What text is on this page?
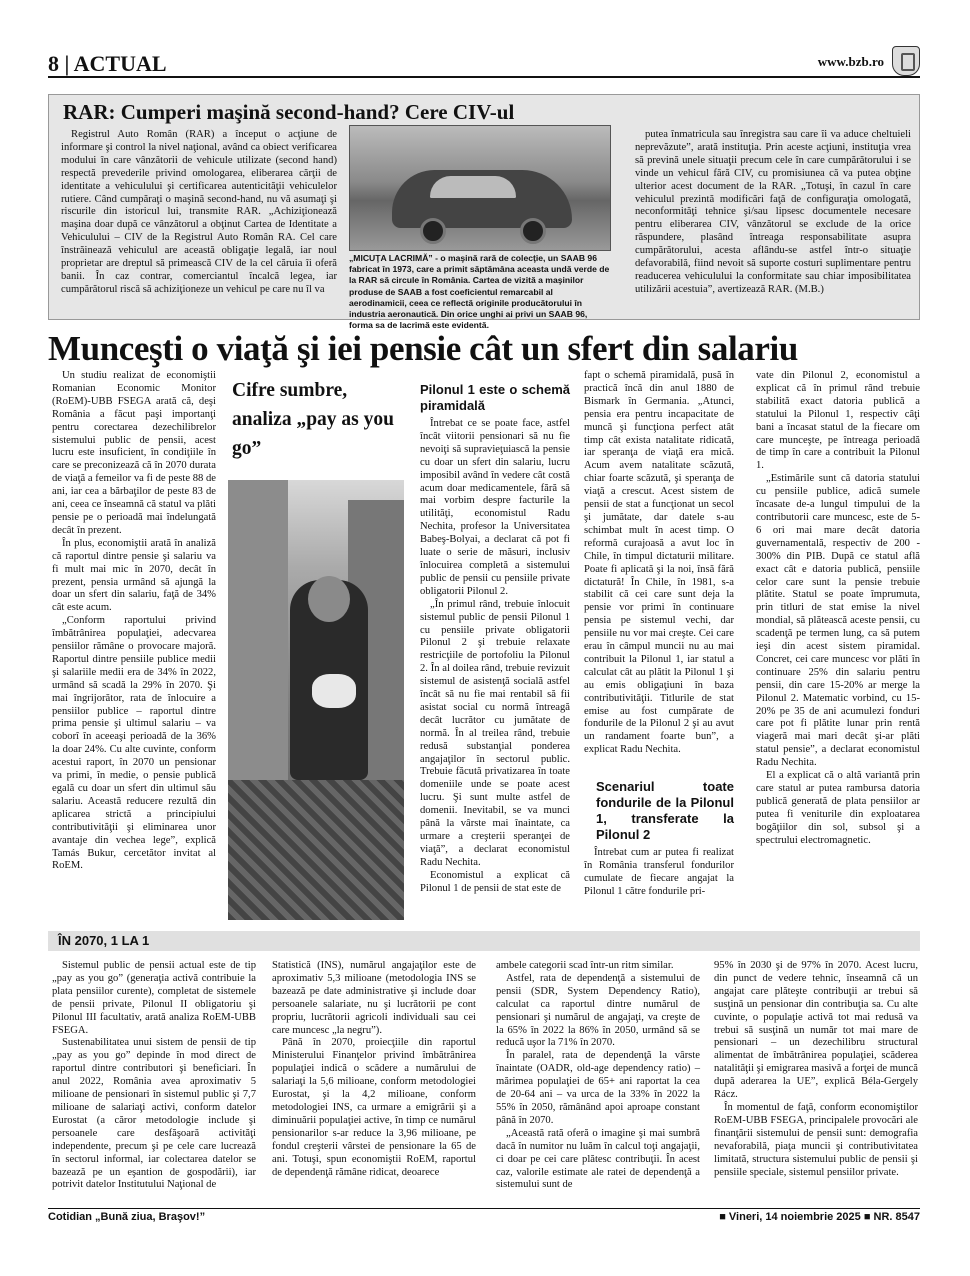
8 | ACTUAL	www.bzb.ro
RAR: Cumperi maşină second-hand? Cere CIV-ul

Registrul Auto Român (RAR) a început o acţiune de informare şi control la nivel naţional, având ca obiect verificarea modului în care vânzătorii de vehicule utilizate (second hand) respectă prevederile privind omologarea, eliberarea cărţii de identitate a vehiculului şi certificarea autenticităţii vehiculelor rutiere. Când cumpăraţi o maşină second-hand, nu vă asumaţi şi riscurile din istoricul lui, transmite RAR. „Achiziţionează maşina doar după ce vânzătorul a obţinut Cartea de Identitate a Vehiculului – CIV de la Registrul Auto Român RA. Cel care înstrăinează vehiculul are această obligaţie legală, iar noul proprietar are dreptul să primească CIV de la cel căruia îi oferă banii. În caz contrar, comerciantul încalcă legea, iar cumpărătorul riscă să achiziţioneze un vehicul pe care nu îl va

„MICUŢA LACRIMĂ” - o maşină rară de colecţie, un SAAB 96 fabricat în 1973, care a primit săptămâna aceasta undă verde de la RAR să circule în România. Cartea de vizită a maşinilor produse de SAAB a fost coeficientul remarcabil al aerodinamicii, ceea ce reflectă originile producătorului în industria aeronautică. Din orice unghi ai privi un SAAB 96, forma sa de lacrimă este evidentă.

putea înmatricula sau înregistra sau care îi va aduce cheltuieli neprevăzute”, arată instituţia. Prin aceste acţiuni, instituţia vrea să prevină unele situaţii precum cele în care cumpărătorului i se vinde un vehicul fără CIV, cu promisiunea că va putea obţine ulterior acest document de la RAR. „Totuşi, în cazul în care vehiculul prezintă modificări faţă de configuraţia omologată, neconformităţi tehnice şi/sau lipsesc documentele necesare pentru eliberarea CIV, vânzătorul se exclude de la orice răspundere, plasând întreaga responsabilitate asupra cumpărătorului, acesta aflându-se astfel într-o situaţie defavorabilă, fiind nevoit să suporte costuri suplimentare pentru readucerea vehiculului la conformitate sau chiar imposibilitatea utilizării acestuia”, avertizează RAR. (M.B.)

Munceşti o viaţă şi iei pensie cât un sfert din salariu

Un studiu realizat de economiştii Romanian Economic Monitor (RoEM)-UBB FSEGA arată că, deşi România a făcut paşi importanţi pentru corectarea dezechilibrelor sistemului public de pensii, acest lucru este insuficient, în condiţiile în care se preconizează că în 2070 durata de viaţă a femeilor va fi de peste 88 de ani, iar cea a bărbaţilor de peste 83 de ani, ceea ce înseamnă că statul va plăti pensie pe o perioadă mai îndelungată decât în prezent.

În plus, economiştii arată în analiză că raportul dintre pensie şi salariu va fi mult mai mic în 2070, decât în prezent, pensia urmând să ajungă la doar un sfert din salariu, faţă de 34% cât este acum.

„Conform raportului privind îmbătrânirea populaţiei, adecvarea pensiilor rămâne o provocare majoră. Raportul dintre pensiile publice medii şi salariile medii era de 34% în 2022, urmând să scadă la 29% în 2070. Şi mai îngrijorător, rata de înlocuire a pensiilor publice – raportul dintre prima pensie şi ultimul salariu – va coborî în aceeaşi perioadă de la 36% la doar 24%. Cu alte cuvinte, conform acestui raport, în 2070 un pensionar va primi, în medie, o pensie publică egală cu doar un sfert din ultimul său salariu. Această reducere rezultă din aplicarea strictă a principiului contributivităţii şi eliminarea unor avantaje din vechea lege”, explică Tamás Bukur, cercetător invitat al RoEM.

Cifre sumbre, analiza „pay as you go”
Pilonul 1 este o schemă piramidală

Întrebat ce se poate face, astfel încât viitorii pensionari să nu fie nevoiţi să supravieţuiască la pensie cu doar un sfert din salariu, lucru imposibil având în vedere cât costă acum doar medicamentele, fără să mai vorbim despre facturile la utilităţi, economistul Radu Nechita, profesor la Universitatea Babeş-Bolyai, a declarat că pot fi luate o serie de măsuri, inclusiv înlocuirea completă a sistemului public de pensii cu pensiile private obligatorii Pilonul 2.

„În primul rând, trebuie înlocuit sistemul public de pensii Pilonul 1 cu pensiile private obligatorii Pilonul 2 şi trebuie relaxate restricţiile de portofoliu la Pilonul 2. În al doilea rând, trebuie revizuit sistemul de asistenţă socială astfel încât să nu fie mai rentabil să fii asistat social cu normă întreagă decât lucrător cu jumătate de normă. În al treilea rând, trebuie redusă substanţial ponderea angajaţilor în sectorul public. Trebuie făcută privatizarea în toate domeniile unde se poate acest lucru. Şi sunt multe astfel de domenii. Inevitabil, se va munci până la vârste mai înaintate, ca urmare a creşterii speranţei de viaţă”, a declarat economistul Radu Nechita.

Economistul a explicat că Pilonul 1 de pensii de stat este de

fapt o schemă piramidală, pusă în practică încă din anul 1880 de Bismark în Germania. „Atunci, pensia era pentru incapacitate de muncă şi funcţiona perfect atât timp cât exista natalitate ridicată, iar speranţa de viaţă era mică. Acum avem natalitate scăzută, chiar foarte scăzută, şi speranţa de viaţă a crescut. Acest sistem de pensii de stat a funcţionat un secol şi jumătate, dar datele s-au schimbat mult în acest timp. O reformă curajoasă a avut loc în Chile, în timpul dictaturii militare. Poate fi aplicată şi la noi, însă fără dictatură! În Chile, în 1981, s-a stabilit că cei care sunt deja la pensie vor primi în continuare pensia pe sistemul vechi, dar pensiile nu vor mai creşte. Cei care erau în câmpul muncii nu au mai contribuit la Pilonul 1, iar statul a calculat cât au plătit la Pilonul 1 şi au emis obligaţiuni în baza contributivităţii. Titlurile de stat emise au fost cumpărate de fondurile de la Pilonul 2 şi au avut un randament foarte bun”, a explicat Radu Nechita.

Scenariul toate fondurile de la Pilonul 1, transferate la Pilonul 2

Întrebat cum ar putea fi realizat în România transferul fondurilor cumulate de fiecare angajat la Pilonul 1 către fondurile pri-

vate din Pilonul 2, economistul a explicat că în primul rând trebuie stabilită exact datoria publică a statului la Pilonul 1, respectiv câţi bani a încasat statul de la fiecare om care munceşte, pe întreaga perioadă de timp în care a contribuit la Pilonul 1.

„Estimările sunt că datoria statului cu pensiile publice, adică sumele încasate de-a lungul timpului de la contributorii care muncesc, este de 5-6 ori mai mare decât datoria guvernamentală, respectiv de 200 - 300% din PIB. După ce statul află exact cât e datoria publică, pensiile celor care sunt la pensie trebuie plătite. Statul se poate împrumuta, prin titluri de stat emise la nivel mondial, să plătească aceste pensii, cu scadenţă pe termen lung, ca să putem ieşi din acest sistem piramidal. Concret, cei care muncesc vor plăti în continuare 25% din salariu pentru pensii, din care 15-20% ar merge la Pilonul 2. Matematic vorbind, cu 15-20% pe 35 de ani acumulezi fonduri care pot fi plătite lunar prin rentă viageră mai mari decât şi-ar plăti statul pensie”, a declarat economistul Radu Nechita.

El a explicat că o altă variantă prin care statul ar putea rambursa datoria publică generată de plata pensiilor ar putea fi veniturile din exploatarea bogăţiilor din sol, subsol şi a spectrului electromagnetic.

ÎN 2070, 1 LA 1

Sistemul public de pensii actual este de tip „pay as you go” (generaţia activă contribuie la plata pensiilor curente), completat de sistemele de pensii private, Pilonul II obligatoriu şi Pilonul III facultativ, arată analiza RoEM-UBB FSEGA.

Sustenabilitatea unui sistem de pensii de tip „pay as you go” depinde în mod direct de raportul dintre contributori şi beneficiari. În anul 2022, România avea aproximativ 5 milioane de pensionari în sistemul public şi 7,7 milioane de salariaţi activi, conform datelor Eurostat (a căror metodologie include şi persoanele care desfăşoară activităţi independente, precum şi pe cele care lucrează în sectorul informal, iar colectarea datelor se bazează pe un eşantion de gospodării), iar potrivit datelor Institutului Naţional de

Statistică (INS), numărul angajaţilor este de aproximativ 5,3 milioane (metodologia INS se bazează pe date administrative şi include doar persoanele salariate, nu şi lucrătorii pe cont propriu, lucrătorii agricoli individuali sau cei care muncesc „la negru”).

Până în 2070, proiecţiile din raportul Ministerului Finanţelor privind îmbătrânirea populaţiei indică o scădere a numărului de salariaţi la 5,6 milioane, conform metodologiei Eurostat, şi la 4,2 milioane, conform metodologiei INS, ca urmare a emigrării şi a diminuării populaţiei active, în timp ce numărul pensionarilor s-ar reduce la 3,96 milioane, pe fondul creşterii vârstei de pensionare la 65 de ani. Totuşi, spun economiştii RoEM, raportul de dependenţă rămâne ridicat, deoarece

ambele categorii scad într-un ritm similar.

Astfel, rata de dependenţă a sistemului de pensii (SDR, System Dependency Ratio), calculat ca raportul dintre numărul de pensionari şi numărul de angajaţi, va creşte de la 65% în 2022 la 86% în 2050, urmând să se reducă uşor la 71% în 2070.

În paralel, rata de dependenţă la vârste înaintate (OADR, old-age dependency ratio) – mărimea populaţiei de 65+ ani raportat la cea de 20-64 ani – va urca de la 33% în 2022 la 55% în 2050, rămânând apoi aproape constant până în 2070.

„Această rată oferă o imagine şi mai sumbră dacă în numitor nu luăm în calcul toţi angajaţii, ci doar pe cei care plătesc contribuţii. În acest caz, valorile estimate ale ratei de dependenţă a sistemului sunt de

95% în 2030 şi de 97% în 2070. Acest lucru, din punct de vedere tehnic, înseamnă că un angajat care plăteşte contribuţii ar trebui să susţină un pensionar din contribuţia sa. Cu alte cuvinte, o populaţie activă tot mai redusă va trebui să susţină un număr tot mai mare de pensionari – un dezechilibru structural alimentat de îmbătrânirea populaţiei, scăderea natalităţii şi emigrarea masivă a forţei de muncă după aderarea la UE”, explică Béla-Gergely Rácz.

În momentul de faţă, conform economiştilor RoEM-UBB FSEGA, principalele provocări ale finanţării sistemului de pensii sunt: demografia nevaforabilă, piaţa muncii şi contributivitatea limitată, structura sistemului public de pensii şi pensiile speciale, sistemul pensiilor private.

Cotidian „Bună ziua, Braşov!”	■ Vineri, 14 noiembrie 2025 ■ NR. 8547
